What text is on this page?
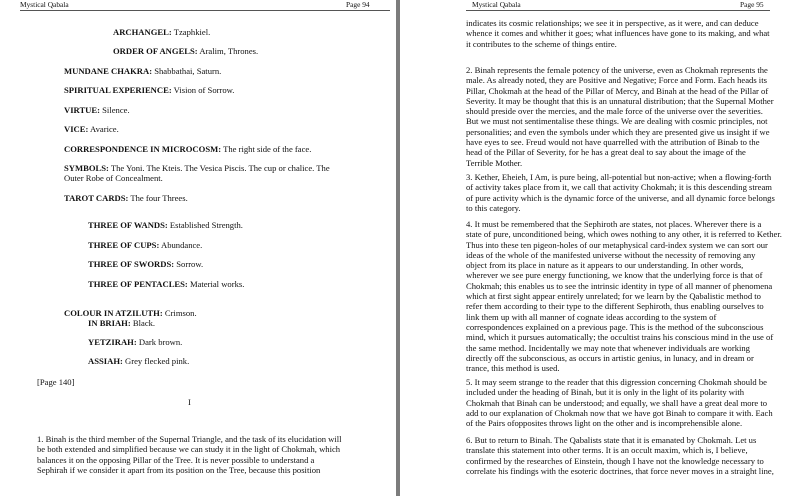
Mystical Qabala	Page 94
ARCHANGEL: Tzaphkiel.
ORDER OF ANGELS: Aralim, Thrones.
MUNDANE CHAKRA: Shabbathai, Saturn.
SPIRITUAL EXPERIENCE: Vision of Sorrow.
VIRTUE: Silence.
VICE: Avarice.
CORRESPONDENCE IN MICROCOSM: The right side of the face.
SYMBOLS: The Yoni. The Kteis. The Vesica Piscis. The cup or chalice. The
Outer Robe of Concealment.
TAROT CARDS: The four Threes.
THREE OF WANDS: Established Strength.
THREE OF CUPS: Abundance.
THREE OF SWORDS: Sorrow.
THREE OF PENTACLES: Material works.
COLOUR IN ATZILUTH: Crimson.
IN BRIAH: Black.
YETZIRAH: Dark brown.
ASSIAH: Grey flecked pink.
[Page 140]
I
1. Binah is the third member of the Supernal Triangle, and the task of its elucidation will
be both extended and simplified because we can study it in the light of Chokmah, which
balances it on the opposing Pillar of the Tree. It is never possible to understand a
Sephirah if we consider it apart from its position on the Tree, because this position
Mystical Qabala	Page 95
indicates its cosmic relationships; we see it in perspective, as it were, and can deduce
whence it comes and whither it goes; what influences have gone to its making, and what
it contributes to the scheme of things entire.
2. Binah represents the female potency of the universe, even as Chokmah represents the
male. As already noted, they are Positive and Negative; Force and Form. Each heads its
Pillar, Chokmah at the head of the Pillar of Mercy, and Binah at the head of the Pillar of
Severity. It may be thought that this is an unnatural distribution; that the Supernal Mother
should preside over the mercies, and the male force of the universe over the severities.
But we must not sentimentalise these things. We are dealing with cosmic principles, not
personalities; and even the symbols under which they are presented give us insight if we
have eyes to see. Freud would not have quarrelled with the attribution of Binab to the
head of the Pillar of Severity, for he has a great deal to say about the image of the
Terrible Mother.
3. Kether, Eheieh, I Am, is pure being, all-potential but non-active; when a flowing-forth
of activity takes place from it, we call that activity Chokmah; it is this descending stream
of pure activity which is the dynamic force of the universe, and all dynamic force belongs
to this category.
4. It must be remembered that the Sephiroth are states, not places. Wherever there is a
state of pure, unconditioned being, which owes nothing to any other, it is referred to Kether.
Thus into these ten pigeon-holes of our metaphysical card-index system we can sort our
ideas of the whole of the manifested universe without the necessity of removing any
object from its place in nature as it appears to our understanding. In other words,
wherever we see pure energy functioning, we know that the underlying force is that of
Chokmah; this enables us to see the intrinsic identity in type of all manner of phenomena
which at first sight appear entirely unrelated; for we learn by the Qabalistic method to
refer them according to their type to the different Sephiroth, thus enabling ourselves to
link them up with all manner of cognate ideas according to the system of
correspondences explained on a previous page. This is the method of the subconscious
mind, which it pursues automatically; the occultist trains his conscious mind in the use of
the same method. Incidentally we may note that whenever individuals are working
directly off the subconscious, as occurs in artistic genius, in lunacy, and in dream or
trance, this method is used.
5. It may seem strange to the reader that this digression concerning Chokmah should be
included under the heading of Binah, but it is only in the light of its polarity with
Chokmah that Binah can be understood; and equally, we shall have a great deal more to
add to our explanation of Chokmah now that we have got Binah to compare it with. Each
of the Pairs ofopposites throws light on the other and is incomprehensible alone.
6. But to return to Binah. The Qabalists state that it is emanated by Chokmah. Let us
translate this statement into other terms. It is an occult maxim, which is, I believe,
confirmed by the researches of Einstein, though I have not the knowledge necessary to
correlate his findings with the esoteric doctrines, that force never moves in a straight line,
